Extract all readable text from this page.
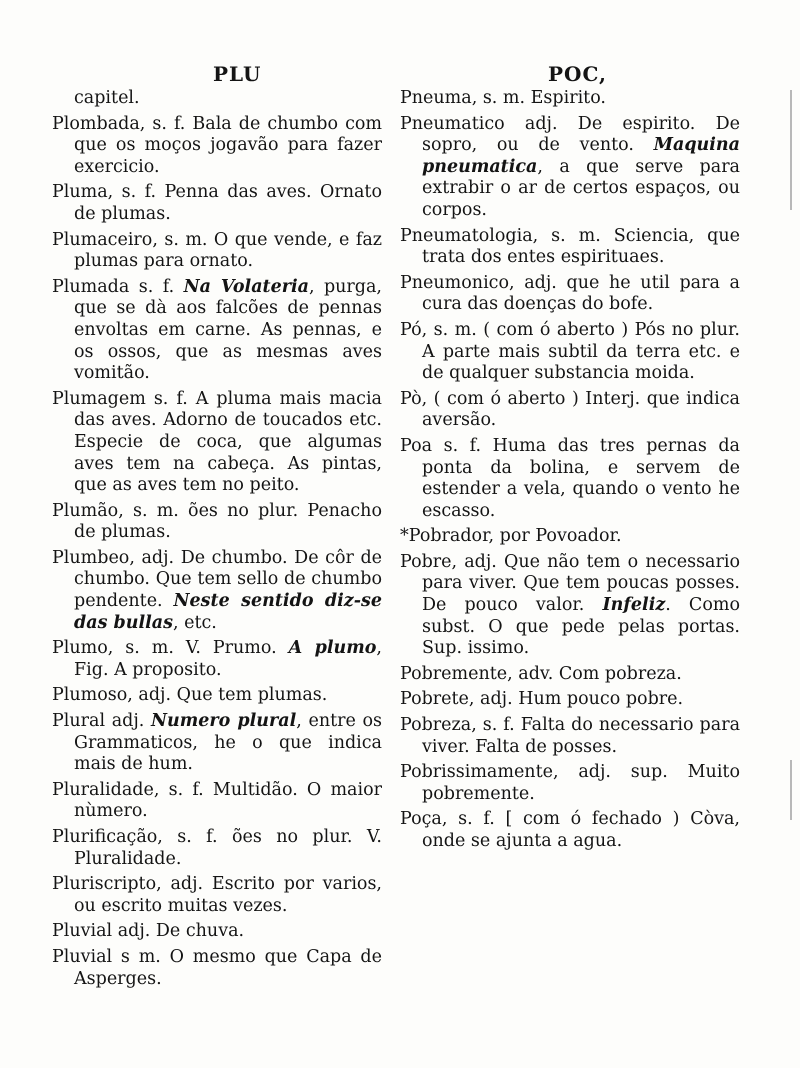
PLU	POC,

capitel.

Plombada, s. f. Bala de chumbo com que os moços jogavão para fazer exercicio.

Pluma, s. f. Penna das aves. Ornato de plumas.

Plumaceiro, s. m. O que vende, e faz plumas para ornato.

Plumada s. f. Na Volateria, purga, que se dà aos falcões de pennas envoltas em carne. As pennas, e os ossos, que as mesmas aves vomitão.

Plumagem s. f. A pluma mais macia das aves. Adorno de toucados etc. Especie de coca, que algumas aves tem na cabeça. As pintas, que as aves tem no peito.

Plumão, s. m. ões no plur. Penacho de plumas.

Plumbeo, adj. De chumbo. De côr de chumbo. Que tem sello de chumbo pendente. Neste sentido diz-se das bullas, etc.

Plumo, s. m. V. Prumo. A plumo, Fig. A proposito.

Plumoso, adj. Que tem plumas.

Plural adj. Numero plural, entre os Grammaticos, he o que indica mais de hum.

Pluralidade, s. f. Multidão. O maior nùmero.

Plurificação, s. f. ões no plur. V. Pluralidade.

Pluriscripto, adj. Escrito por varios, ou escrito muitas vezes.

Pluvial adj. De chuva.

Pluvial s m. O mesmo que Capa de Asperges.

Pneuma, s. m. Espirito.

Pneumatico adj. De espirito. De sopro, ou de vento. Maquina pneumatica, a que serve para extrabir o ar de certos espaços, ou corpos.

Pneumatologia, s. m. Sciencia, que trata dos entes espirituaes.

Pneumonico, adj. que he util para a cura das doenças do bofe.

Pó, s. m. ( com ó aberto ) Pós no plur. A parte mais subtil da terra etc. e de qualquer substancia moida.

Pò, ( com ó aberto ) Interj. que indica aversão.

Poa s. f. Huma das tres pernas da ponta da bolina, e servem de estender a vela, quando o vento he escasso.

*Pobrador, por Povoador.

Pobre, adj. Que não tem o necessario para viver. Que tem poucas posses. De pouco valor. Infeliz. Como subst. O que pede pelas portas. Sup. issimo.

Pobremente, adv. Com pobreza.

Pobrete, adj. Hum pouco pobre.

Pobreza, s. f. Falta do necessario para viver. Falta de posses.

Pobrissimamente, adj. sup. Muito pobremente.

Poça, s. f. [ com ó fechado ) Còva, onde se ajunta a agua.
